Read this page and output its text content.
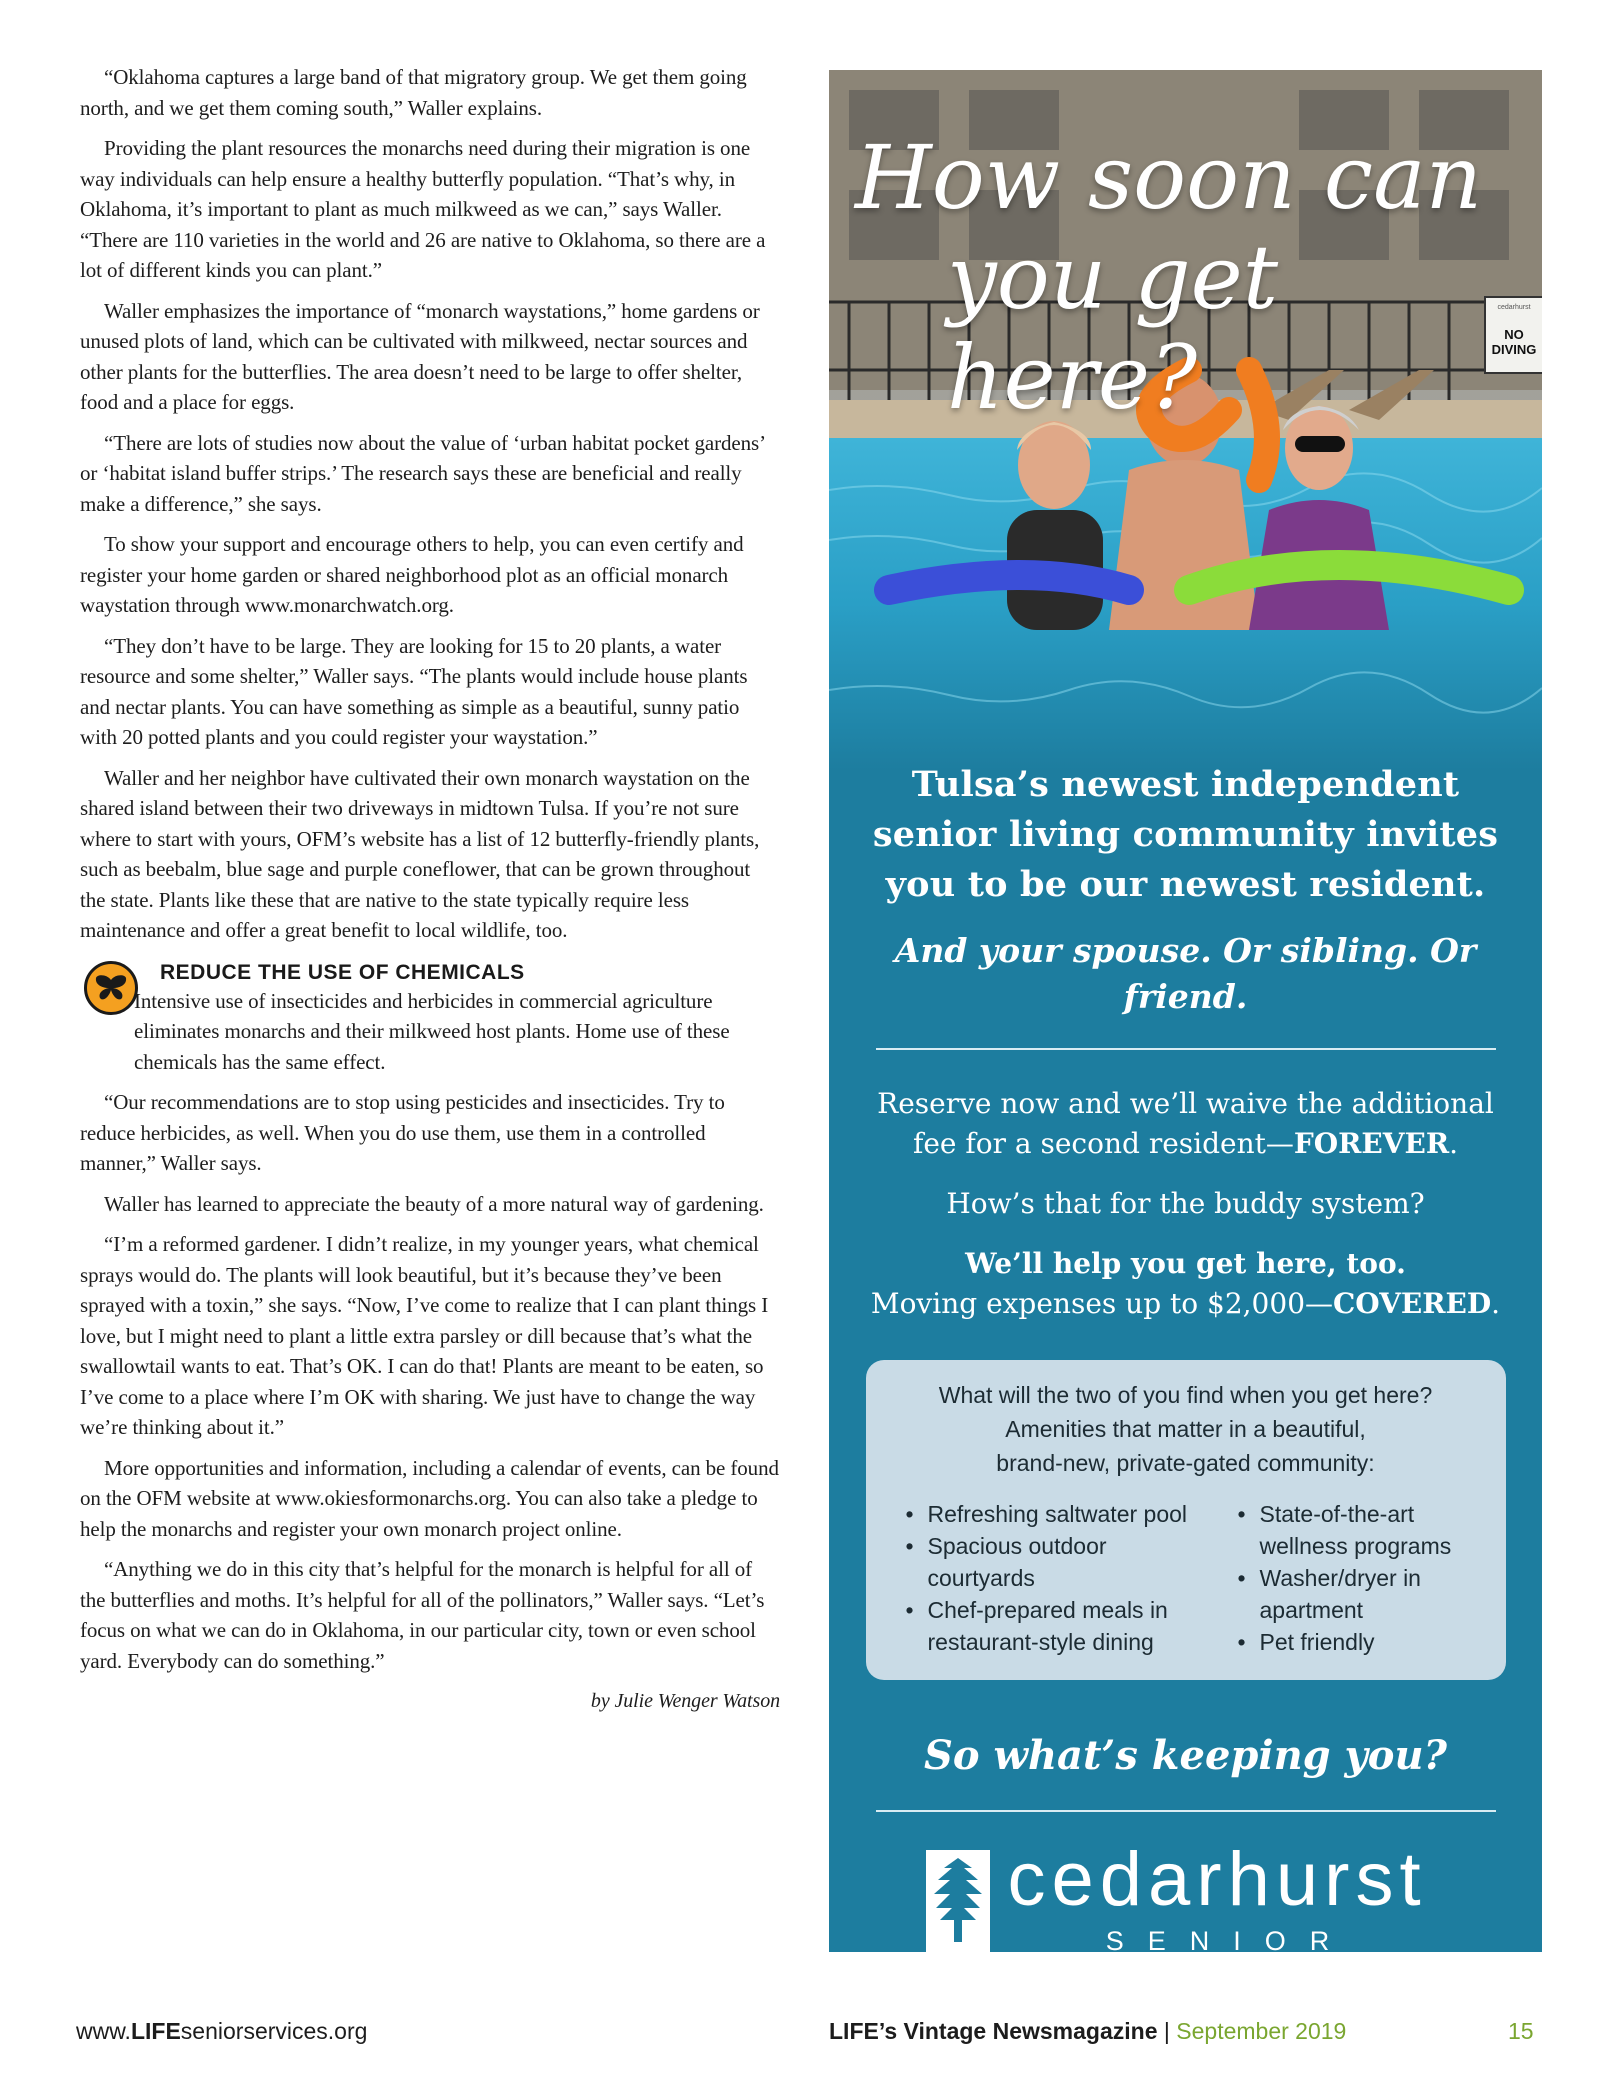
“Oklahoma captures a large band of that migratory group. We get them going north, and we get them coming south,” Waller explains.

Providing the plant resources the monarchs need during their migration is one way individuals can help ensure a healthy butterfly population. “That’s why, in Oklahoma, it’s important to plant as much milkweed as we can,” says Waller. “There are 110 varieties in the world and 26 are native to Oklahoma, so there are a lot of different kinds you can plant.”

Waller emphasizes the importance of “monarch waystations,” home gardens or unused plots of land, which can be cultivated with milkweed, nectar sources and other plants for the butterflies. The area doesn’t need to be large to offer shelter, food and a place for eggs.

“There are lots of studies now about the value of ‘urban habitat pocket gardens’ or ‘habitat island buffer strips.’ The research says these are beneficial and really make a difference,” she says.

To show your support and encourage others to help, you can even certify and register your home garden or shared neighborhood plot as an official monarch waystation through www.monarchwatch.org.

“They don’t have to be large. They are looking for 15 to 20 plants, a water resource and some shelter,” Waller says. “The plants would include house plants and nectar plants. You can have something as simple as a beautiful, sunny patio with 20 potted plants and you could register your waystation.”

Waller and her neighbor have cultivated their own monarch waystation on the shared island between their two driveways in midtown Tulsa. If you’re not sure where to start with yours, OFM’s website has a list of 12 butterfly-friendly plants, such as beebalm, blue sage and purple coneflower, that can be grown throughout the state. Plants like these that are native to the state typically require less maintenance and offer a great benefit to local wildlife, too.

REDUCE THE USE OF CHEMICALS

Intensive use of insecticides and herbicides in commercial agriculture eliminates monarchs and their milkweed host plants. Home use of these chemicals has the same effect.

“Our recommendations are to stop using pesticides and insecticides. Try to reduce herbicides, as well. When you do use them, use them in a controlled manner,” Waller says.

Waller has learned to appreciate the beauty of a more natural way of gardening.

“I’m a reformed gardener. I didn’t realize, in my younger years, what chemical sprays would do. The plants will look beautiful, but it’s because they’ve been sprayed with a toxin,” she says. “Now, I’ve come to realize that I can plant things I love, but I might need to plant a little extra parsley or dill because that’s what the swallowtail wants to eat. That’s OK. I can do that! Plants are meant to be eaten, so I’ve come to a place where I’m OK with sharing. We just have to change the way we’re thinking about it.”

More opportunities and information, including a calendar of events, can be found on the OFM website at www.okiesformonarchs.org. You can also take a pledge to help the monarchs and register your own monarch project online.

“Anything we do in this city that’s helpful for the monarch is helpful for all of the butterflies and moths. It’s helpful for all of the pollinators,” Waller says. “Let’s focus on what we can do in Oklahoma, in our particular city, town or even school yard. Everybody can do something.”

by Julie Wenger Watson
How soon can
you get here?
cedarhurst
NO
DIVING
Tulsa’s newest independent
senior living community invites
you to be our newest resident.
And your spouse. Or sibling. Or friend.
Reserve now and we’ll waive the additional
fee for a second resident—FOREVER.
How’s that for the buddy system?
We’ll help you get here, too.
Moving expenses up to $2,000—COVERED.
What will the two of you find when you get here?
Amenities that matter in a beautiful,
brand-new, private-gated community:
• Refreshing saltwater pool
• Spacious outdoor courtyards
• Chef-prepared meals in restaurant-style dining
• State-of-the-art wellness programs
• Washer/dryer in apartment
• Pet friendly
So what’s keeping you?
cedarhurst
SENIOR
www.LIFEseniorservices.org	LIFE’s Vintage Newsmagazine | September 2019	15
